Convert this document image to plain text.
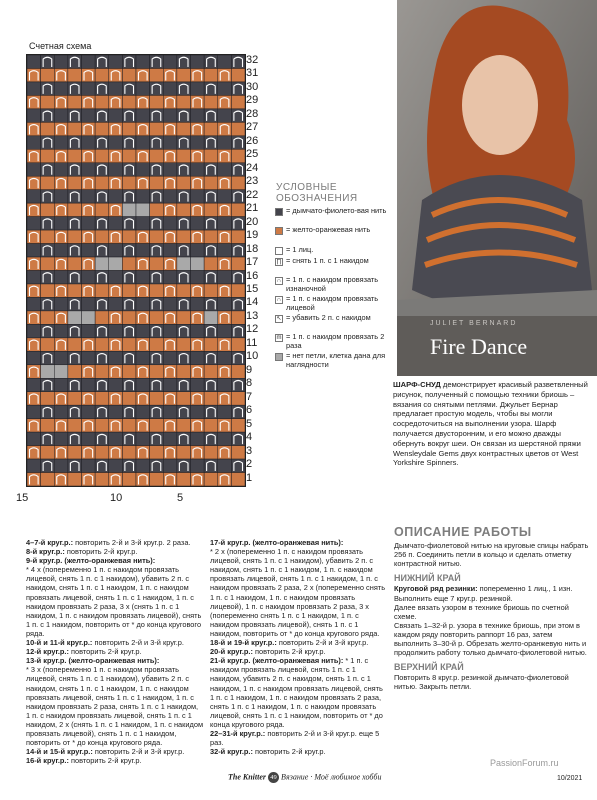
Счетная схема
32
31
30
29
28
27
26
25
24
23
22
21
20
19
18
17
16
15
14
13
12
11
10
9
8
7
6
5
4
3
2
1
15	10	5
УСЛОВНЫЕ ОБОЗНАЧЕНИЯ
= дымчато-фиолето-вая нить
= желто-оранжевая нить
= 1 лиц.
∏ = снять 1 п. с 1 накидом
∩ = 1 п. с накидом провязать изнаночной
∩ = 1 п. с накидом провязать лицевой
↖ = убавить 2 п. с накидом
m = 1 п. с накидом провязать 2 раза
= нет петли, клетка дана для наглядности
JULIET BERNARD
Fire Dance
ШАРФ-СНУД демонстрирует красивый разветвленный рисунок, полученный с помощью техники бриошь – вязания со снятыми петлями. Джульет Бернар предлагает простую модель, чтобы вы могли сосредоточиться на выполнении узора. Шарф получается двусторонним, и его можно дважды обернуть вокруг шеи. Он связан из шерстяной пряжи Wensleydale Gems двух контрастных цветов от West Yorkshire Spinners.

4–7-й круг.р.: повторить 2-й и 3-й круг.р. 2 раза.

8-й круг.р.: повторить 2-й круг.р.

9-й круг.р. (желто-оранжевая нить):

* 4 х (попеременно 1 п. с накидом провязать лицевой, снять 1 п. с 1 накидом), убавить 2 п. с накидом, снять 1 п. с 1 накидом, 1 п. с накидом провязать лицевой, снять 1 п. с 1 накидом, 1 п. с накидом провязать 2 раза, 3 х (снять 1 п. с 1 накидом, 1 п. с накидом провязать лицевой), снять 1 п. с 1 накидом, повторить от * до конца кругового ряда.

10-й и 11-й круг.р.: повторить 2-й и 3-й круг.р.

12-й круг.р.: повторить 2-й круг.р.

13-й круг.р. (желто-оранжевая нить):

* 3 х (попеременно 1 п. с накидом провязать лицевой, снять 1 п. с 1 накидом), убавить 2 п. с накидом, снять 1 п. с 1 накидом, 1 п. с накидом провязать лицевой, снять 1 п. с 1 накидом, 1 п. с накидом провязать 2 раза, снять 1 п. с 1 накидом, 1 п. с накидом провязать лицевой, снять 1 п. с 1 накидом, 2 х (снять 1 п. с 1 накидом, 1 п. с накидом провязать лицевой), снять 1 п. с 1 накидом, повторить от * до конца кругового ряда.

14-й и 15-й круг.р.: повторить 2-й и 3-й круг.р.

16-й круг.р.: повторить 2-й круг.р.

17-й круг.р. (желто-оранжевая нить):

* 2 х (попеременно 1 п. с накидом провязать лицевой, снять 1 п. с 1 накидом), убавить 2 п. с накидом, снять 1 п. с 1 накидом, 1 п. с накидом провязать лицевой, снять 1 п. с 1 накидом, 1 п. с накидом провязать 2 раза, 2 х (попеременно снять 1 п. с 1 накидом, 1 п. с накидом провязать лицевой), 1 п. с накидом провязать 2 раза, 3 х (попеременно снять 1 п. с 1 накидом, 1 п. с накидом провязать лицевой), снять 1 п. с 1 накидом, повторить от * до конца кругового ряда.

18-й и 19-й круг.р.: повторить 2-й и 3-й круг.р.

20-й круг.р.: повторить 2-й круг.р.

21-й круг.р. (желто-оранжевая нить): * 1 п. с накидом провязать лицевой, снять 1 п. с 1 накидом, убавить 2 п. с накидом, снять 1 п. с 1 накидом, 1 п. с накидом провязать лицевой, снять 1 п. с 1 накидом, 1 п. с накидом провязать 2 раза, снять 1 п. с 1 накидом, 1 п. с накидом провязать лицевой, снять 1 п. с 1 накидом, повторить от * до конца кругового ряда.

22–31-й круг.р.: повторить 2-й и 3-й круг.р. еще 5 раз.

32-й круг.р.: повторить 2-й круг.р.

ОПИСАНИЕ РАБОТЫ

Дымчато-фиолетовой нитью на круговые спицы набрать 256 п. Соединить петли в кольцо и сделать отметку контрастной нитью.

НИЖНИЙ КРАЙ

Круговой ряд резинки: попеременно 1 лиц., 1 изн.

Выполнить еще 7 круг.р. резинкой.

Далее вязать узором в технике бриошь по счетной схеме.

Связать 1–32-й р. узора в технике бриошь, при этом в каждом ряду повторить раппорт 16 раз, затем выполнить 3–30-й р. Обрезать желто-оранжевую нить и продолжить работу только дымчато-фиолетовой нитью.

ВЕРХНИЙ КРАЙ

Повторить 8 круг.р. резинкой дымчато-фиолетовой нитью. Закрыть петли.

The Knitter 49 Вязание · Моё любимое хобби
PassionForum.ru
10/2021
